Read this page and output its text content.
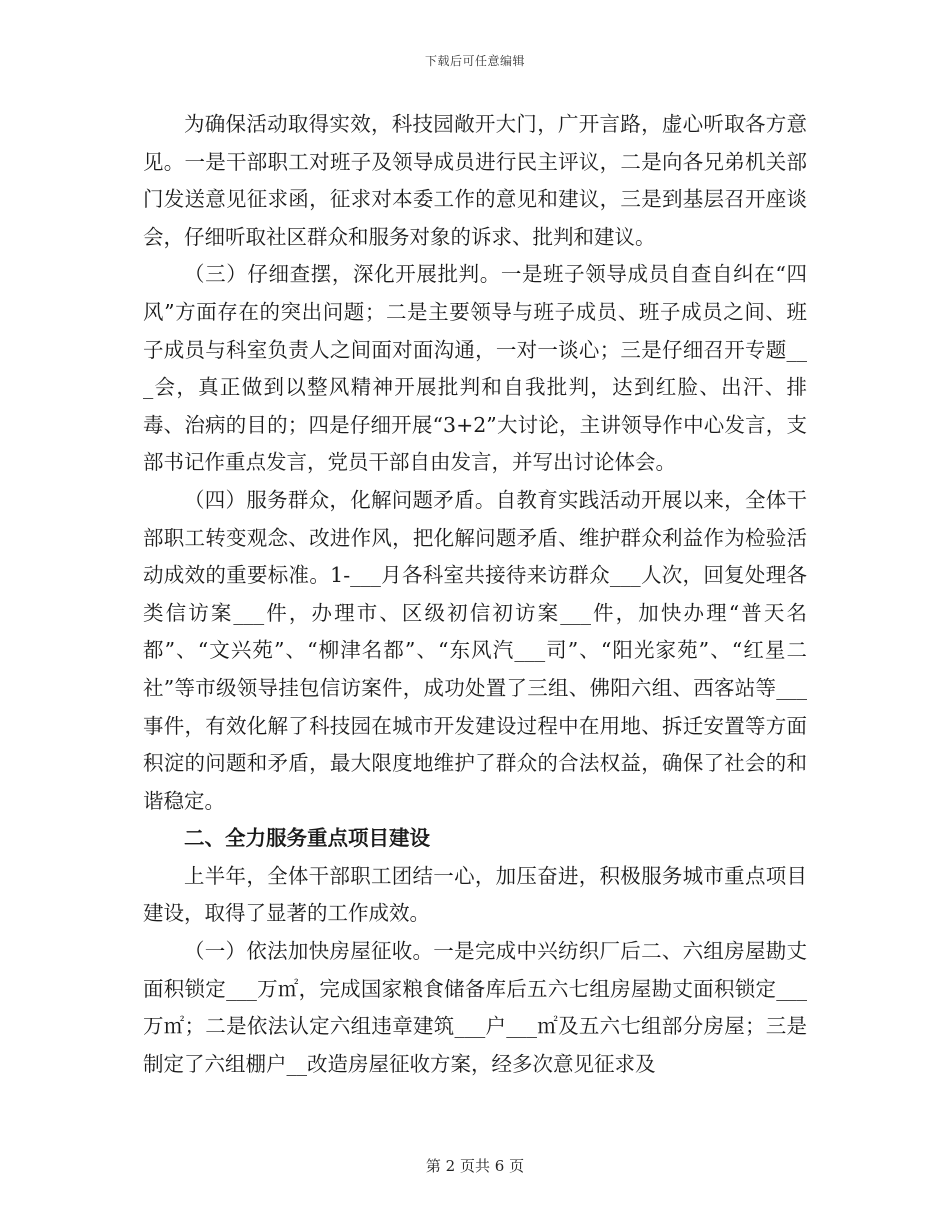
下载后可任意编辑

为确保活动取得实效，科技园敞开大门，广开言路，虚心听取各方意见。一是干部职工对班子及领导成员进行民主评议，二是向各兄弟机关部门发送意见征求函，征求对本委工作的意见和建议，三是到基层召开座谈会，仔细听取社区群众和服务对象的诉求、批判和建议。

（三）仔细查摆，深化开展批判。一是班子领导成员自查自纠在“四风”方面存在的突出问题；二是主要领导与班子成员、班子成员之间、班子成员与科室负责人之间面对面沟通，一对一谈心；三是仔细召开专题___会，真正做到以整风精神开展批判和自我批判，达到红脸、出汗、排毒、治病的目的；四是仔细开展“3+2”大讨论，主讲领导作中心发言，支部书记作重点发言，党员干部自由发言，并写出讨论体会。

（四）服务群众，化解问题矛盾。自教育实践活动开展以来，全体干部职工转变观念、改进作风，把化解问题矛盾、维护群众利益作为检验活动成效的重要标准。1-___月各科室共接待来访群众___人次，回复处理各类信访案___件，办理市、区级初信初访案___件，加快办理“普天名都”、“文兴苑”、“柳津名都”、“东风汽___司”、“阳光家苑”、“红星二社”等市级领导挂包信访案件，成功处置了三组、佛阳六组、西客站等___事件，有效化解了科技园在城市开发建设过程中在用地、拆迁安置等方面积淀的问题和矛盾，最大限度地维护了群众的合法权益，确保了社会的和谐稳定。

二、全力服务重点项目建设

上半年，全体干部职工团结一心，加压奋进，积极服务城市重点项目建设，取得了显著的工作成效。

（一）依法加快房屋征收。一是完成中兴纺织厂后二、六组房屋勘丈面积锁定___万㎡，完成国家粮食储备库后五六七组房屋勘丈面积锁定___万㎡；二是依法认定六组违章建筑___户___㎡及五六七组部分房屋；三是制定了六组棚户__改造房屋征收方案，经多次意见征求及

第 2 页共 6 页
